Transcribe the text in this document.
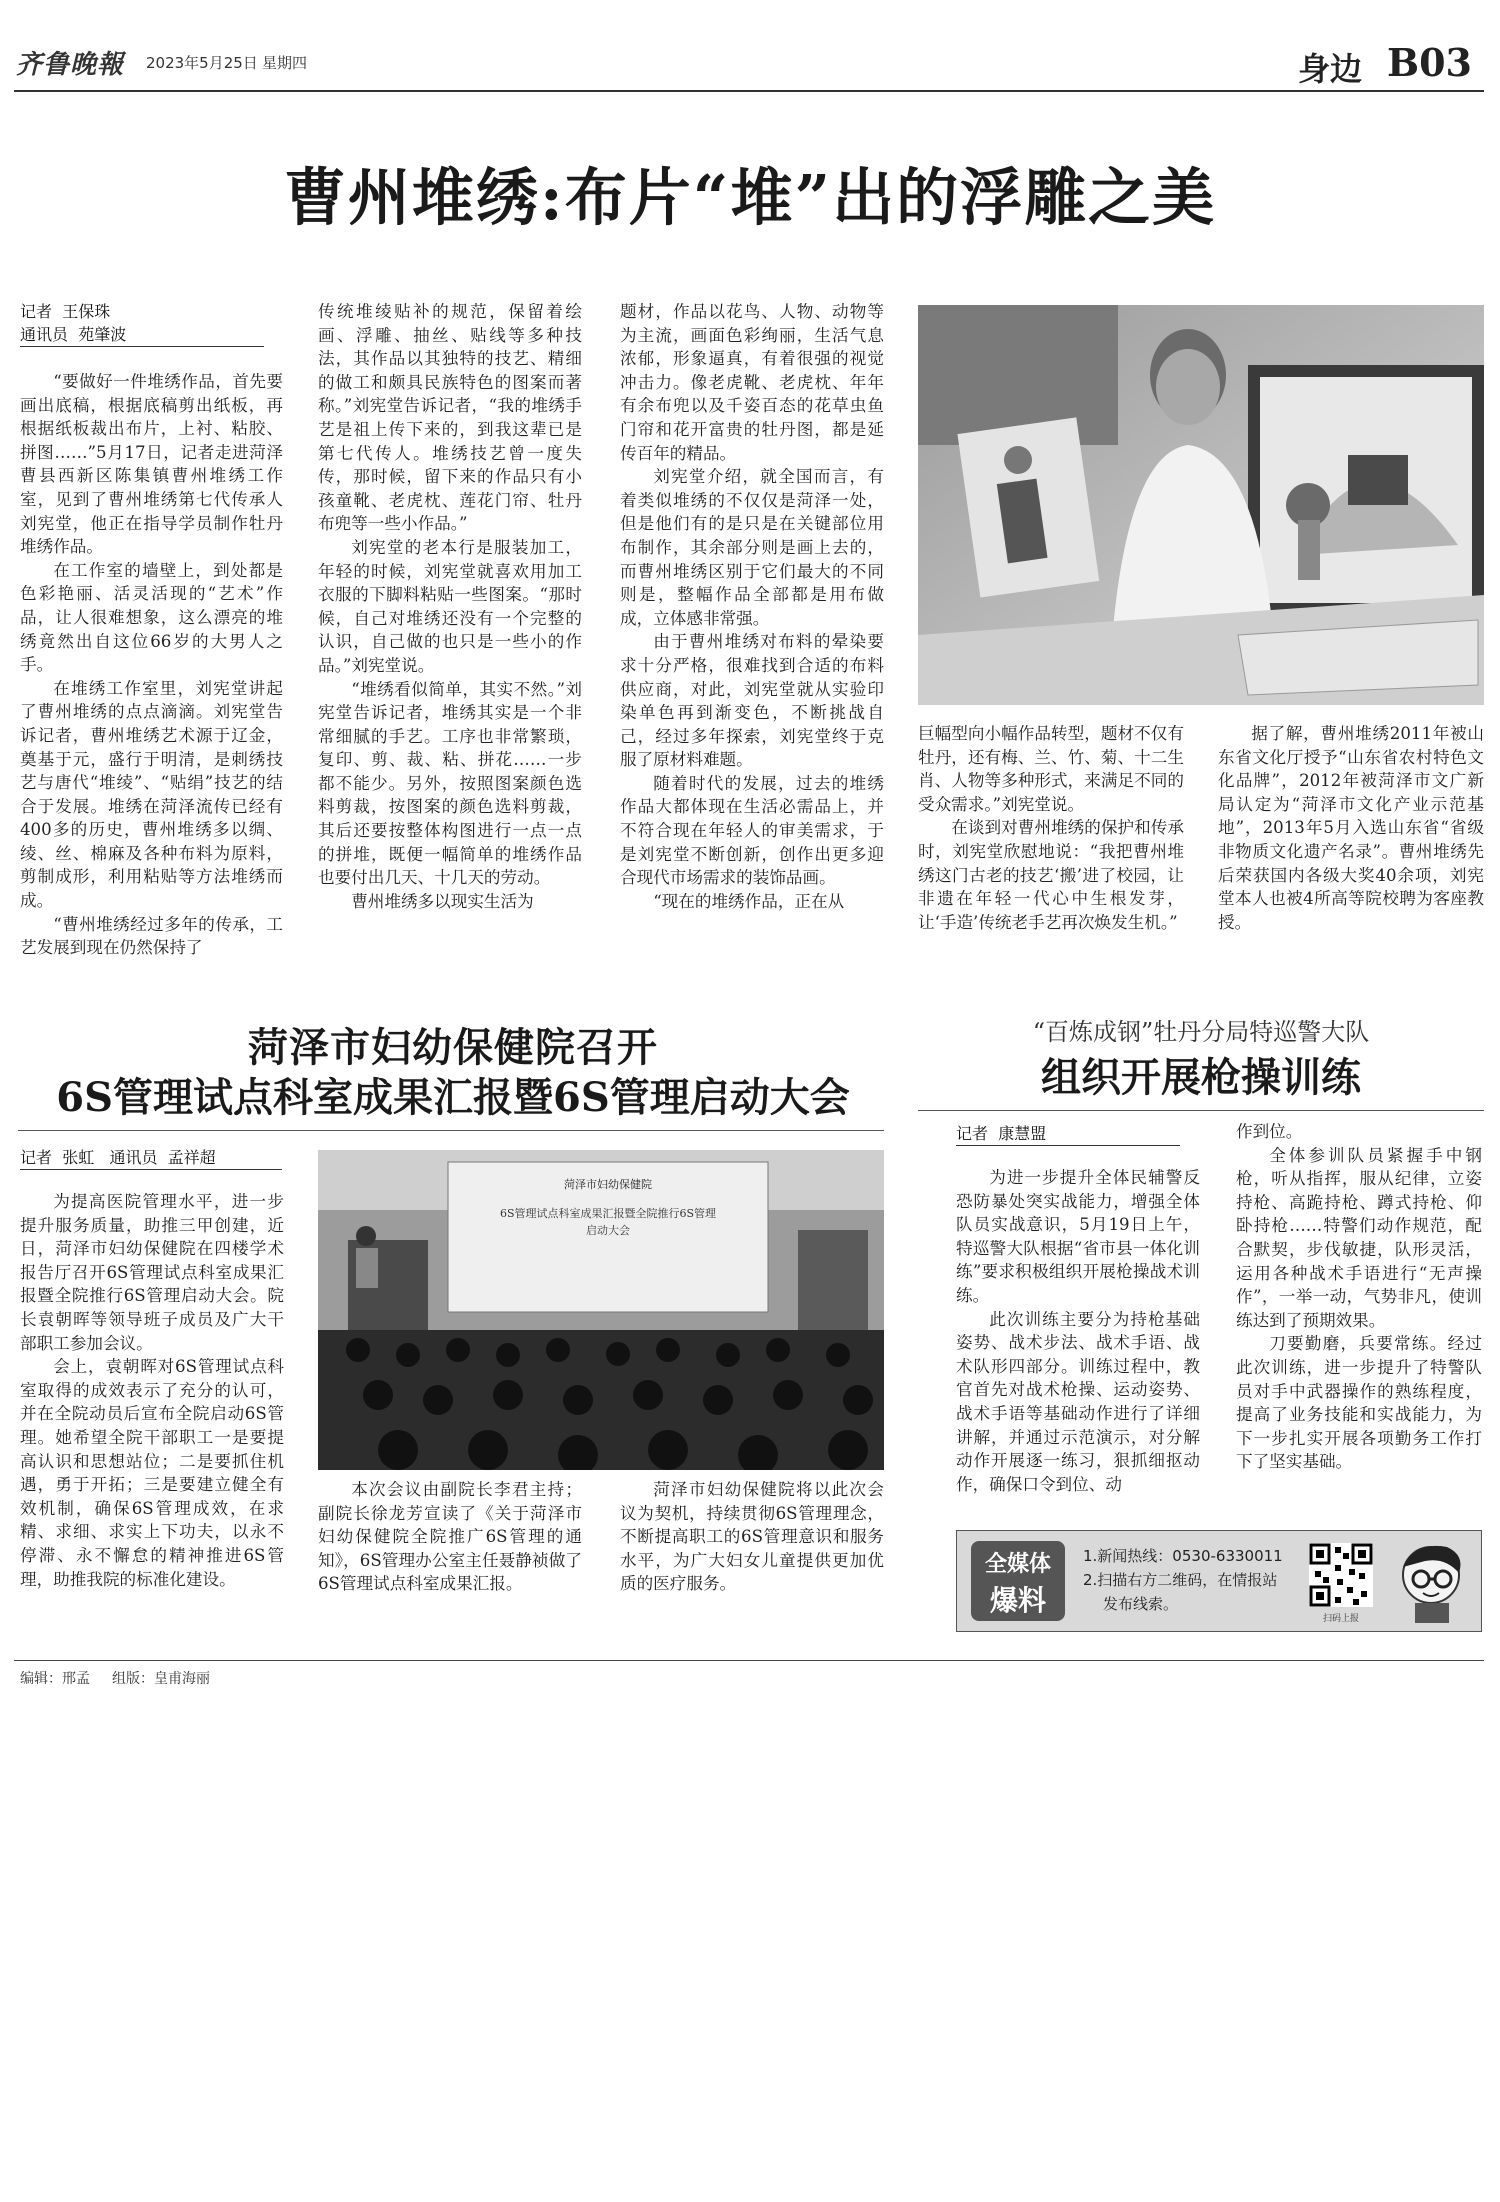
齐鲁晚報 2023年5月25日 星期四	身边 B03
曹州堆绣:布片“堆”出的浮雕之美
记者 王保珠
通讯员 苑肇波

“要做好一件堆绣作品，首先要画出底稿，根据底稿剪出纸板，再根据纸板裁出布片，上衬、粘胶、拼图……”5月17日，记者走进菏泽曹县西新区陈集镇曹州堆绣工作室，见到了曹州堆绣第七代传承人刘宪堂，他正在指导学员制作牡丹堆绣作品。

在工作室的墙壁上，到处都是色彩艳丽、活灵活现的“艺术”作品，让人很难想象，这么漂亮的堆绣竟然出自这位66岁的大男人之手。

在堆绣工作室里，刘宪堂讲起了曹州堆绣的点点滴滴。刘宪堂告诉记者，曹州堆绣艺术源于辽金，奠基于元，盛行于明清，是刺绣技艺与唐代“堆绫”、“贴绢”技艺的结合于发展。堆绣在菏泽流传已经有400多的历史，曹州堆绣多以绸、绫、丝、棉麻及各种布料为原料，剪制成形，利用粘贴等方法堆绣而成。

“曹州堆绣经过多年的传承，工艺发展到现在仍然保持了

传统堆绫贴补的规范，保留着绘画、浮雕、抽丝、贴线等多种技法，其作品以其独特的技艺、精细的做工和颇具民族特色的图案而著称。”刘宪堂告诉记者，“我的堆绣手艺是祖上传下来的，到我这辈已是第七代传人。堆绣技艺曾一度失传，那时候，留下来的作品只有小孩童靴、老虎枕、莲花门帘、牡丹布兜等一些小作品。”

刘宪堂的老本行是服装加工，年轻的时候，刘宪堂就喜欢用加工衣服的下脚料粘贴一些图案。“那时候，自己对堆绣还没有一个完整的认识，自己做的也只是一些小的作品。”刘宪堂说。

“堆绣看似简单，其实不然。”刘宪堂告诉记者，堆绣其实是一个非常细腻的手艺。工序也非常繁琐，复印、剪、裁、粘、拼花……一步都不能少。另外，按照图案颜色选料剪裁，按图案的颜色选料剪裁，其后还要按整体构图进行一点一点的拼堆，既便一幅简单的堆绣作品也要付出几天、十几天的劳动。

曹州堆绣多以现实生活为

题材，作品以花鸟、人物、动物等为主流，画面色彩绚丽，生活气息浓郁，形象逼真，有着很强的视觉冲击力。像老虎靴、老虎枕、年年有余布兜以及千姿百态的花草虫鱼门帘和花开富贵的牡丹图，都是延传百年的精品。

刘宪堂介绍，就全国而言，有着类似堆绣的不仅仅是菏泽一处，但是他们有的是只是在关键部位用布制作，其余部分则是画上去的，而曹州堆绣区别于它们最大的不同则是，整幅作品全部都是用布做成，立体感非常强。

由于曹州堆绣对布料的晕染要求十分严格，很难找到合适的布料供应商，对此，刘宪堂就从实验印染单色再到渐变色，不断挑战自己，经过多年探索，刘宪堂终于克服了原材料难题。

随着时代的发展，过去的堆绣作品大都体现在生活必需品上，并不符合现在年轻人的审美需求，于是刘宪堂不断创新，创作出更多迎合现代市场需求的装饰品画。

“现在的堆绣作品，正在从

巨幅型向小幅作品转型，题材不仅有牡丹，还有梅、兰、竹、菊、十二生肖、人物等多种形式，来满足不同的受众需求。”刘宪堂说。

在谈到对曹州堆绣的保护和传承时，刘宪堂欣慰地说：“我把曹州堆绣这门古老的技艺‘搬’进了校园，让非遗在年轻一代心中生根发芽，让‘手造’传统老手艺再次焕发生机。”

据了解，曹州堆绣2011年被山东省文化厅授予“山东省农村特色文化品牌”，2012年被菏泽市文广新局认定为“菏泽市文化产业示范基地”，2013年5月入选山东省“省级非物质文化遗产名录”。曹州堆绣先后荣获国内各级大奖40余项，刘宪堂本人也被4所高等院校聘为客座教授。

菏泽市妇幼保健院召开
6S管理试点科室成果汇报暨6S管理启动大会
记者 张虹 通讯员 孟祥超

为提高医院管理水平，进一步提升服务质量，助推三甲创建，近日，菏泽市妇幼保健院在四楼学术报告厅召开6S管理试点科室成果汇报暨全院推行6S管理启动大会。院长袁朝晖等领导班子成员及广大干部职工参加会议。

会上，袁朝晖对6S管理试点科室取得的成效表示了充分的认可，并在全院动员后宣布全院启动6S管理。她希望全院干部职工一是要提高认识和思想站位；二是要抓住机遇，勇于开拓；三是要建立健全有效机制，确保6S管理成效，在求精、求细、求实上下功夫，以永不停滞、永不懈怠的精神推进6S管理，助推我院的标准化建设。

菏泽市妇幼保健院
6S管理试点科室成果汇报暨全院推行6S管理
启动大会

本次会议由副院长李君主持；副院长徐龙芳宣读了《关于菏泽市妇幼保健院全院推广6S管理的通知》，6S管理办公室主任聂静祯做了6S管理试点科室成果汇报。

菏泽市妇幼保健院将以此次会议为契机，持续贯彻6S管理理念，不断提高职工的6S管理意识和服务水平，为广大妇女儿童提供更加优质的医疗服务。

“百炼成钢”牡丹分局特巡警大队
组织开展枪操训练
记者 康慧盟

为进一步提升全体民辅警反恐防暴处突实战能力，增强全体队员实战意识，5月19日上午，特巡警大队根据“省市县一体化训练”要求积极组织开展枪操战术训练。

此次训练主要分为持枪基础姿势、战术步法、战术手语、战术队形四部分。训练过程中，教官首先对战术枪操、运动姿势、战术手语等基础动作进行了详细讲解，并通过示范演示，对分解动作开展逐一练习，狠抓细抠动作，确保口令到位、动

作到位。

全体参训队员紧握手中钢枪，听从指挥，服从纪律，立姿持枪、高跪持枪、蹲式持枪、仰卧持枪……特警们动作规范，配合默契，步伐敏捷，队形灵活，运用各种战术手语进行“无声操作”，一举一动，气势非凡，使训练达到了预期效果。

刀要勤磨，兵要常练。经过此次训练，进一步提升了特警队员对手中武器操作的熟练程度，提高了业务技能和实战能力，为下一步扎实开展各项勤务工作打下了坚实基础。

全媒体
爆料
1.新闻热线：0530-6330011
2.扫描右方二维码，在情报站
发布线索。
扫码上报
编辑：邢孟 组版：皇甫海丽
